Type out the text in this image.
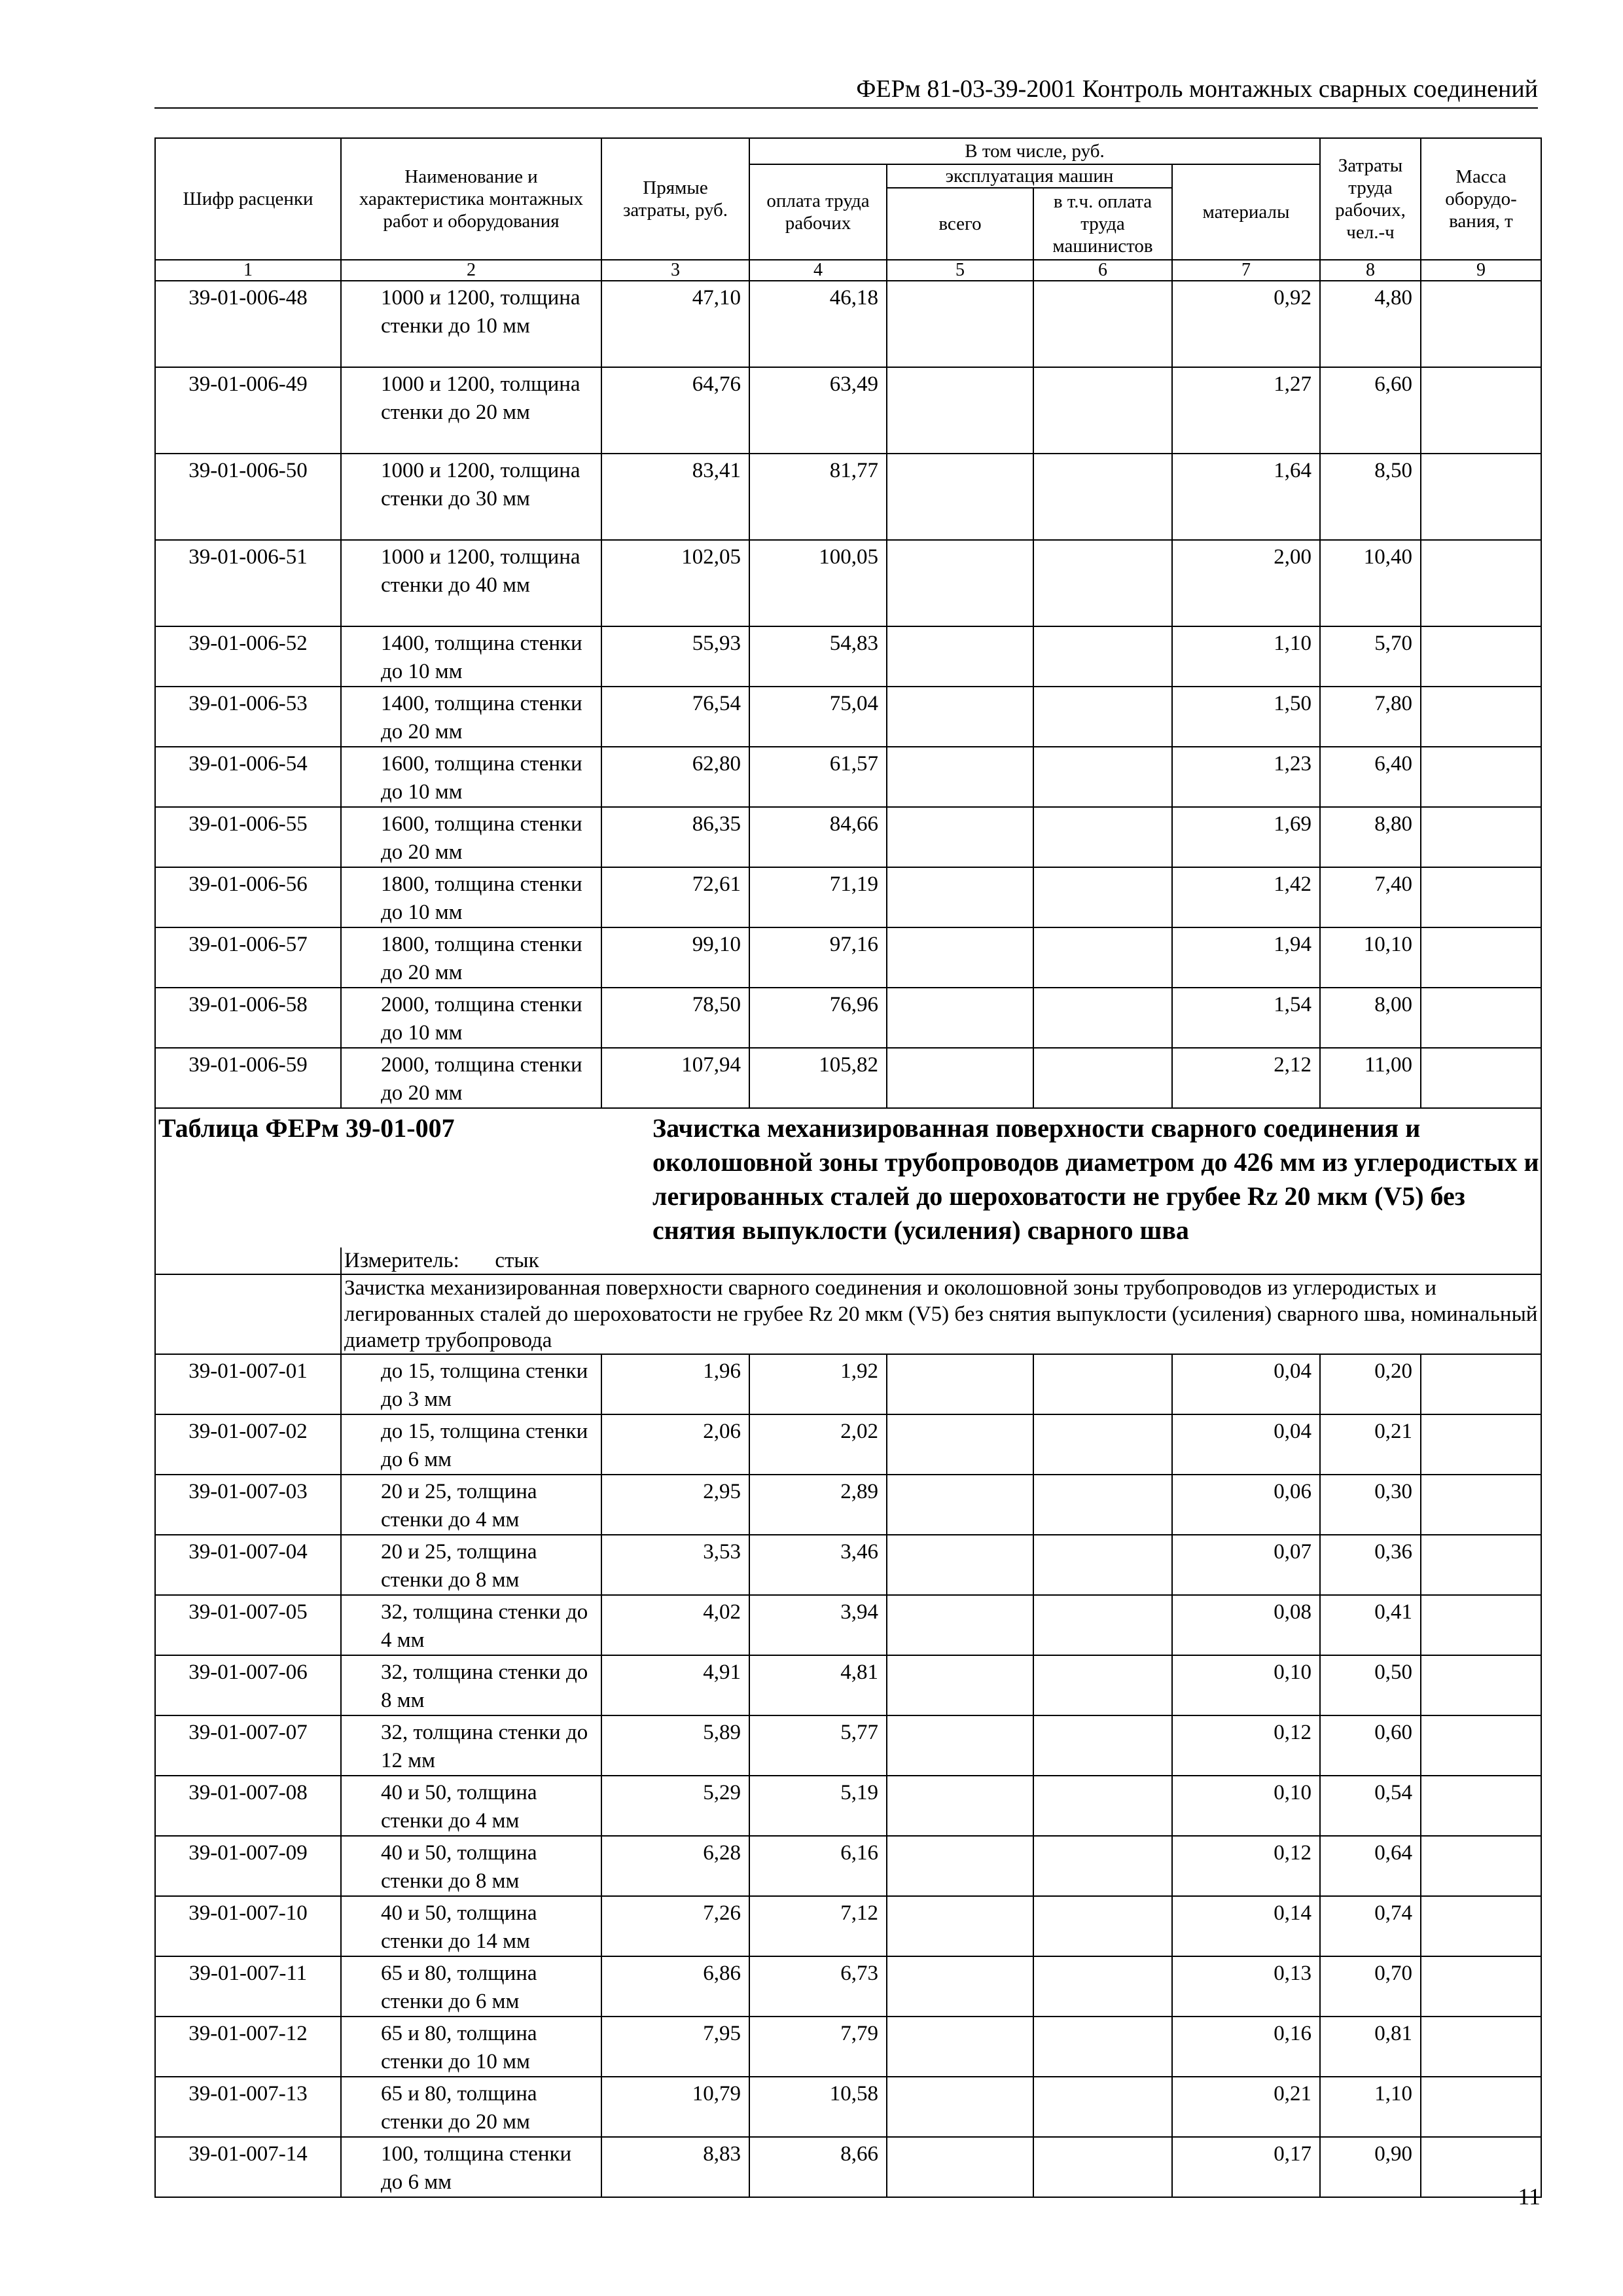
ФЕРм 81-03-39-2001 Контроль монтажных сварных соединений
Шифр расценки	Наименование и характеристика монтажных работ и оборудования	Прямые затраты, руб.	В том числе, руб.				Затраты труда рабочих, чел.-ч	Масса оборудо-вания, т
			оплата труда рабочих	эксплуатация машин		материалы		
				всего	в т.ч. оплата труда машинистов			
1	2	3	4	5	6	7	8	9
39-01-006-48	1000 и 1200, толщина стенки до 10 мм	47,10	46,18			0,92	4,80	
39-01-006-49	1000 и 1200, толщина стенки до 20 мм	64,76	63,49			1,27	6,60	
39-01-006-50	1000 и 1200, толщина стенки до 30 мм	83,41	81,77			1,64	8,50	
39-01-006-51	1000 и 1200, толщина стенки до 40 мм	102,05	100,05			2,00	10,40	
39-01-006-52	1400, толщина стенки до 10 мм	55,93	54,83			1,10	5,70	
39-01-006-53	1400, толщина стенки до 20 мм	76,54	75,04			1,50	7,80	
39-01-006-54	1600, толщина стенки до 10 мм	62,80	61,57			1,23	6,40	
39-01-006-55	1600, толщина стенки до 20 мм	86,35	84,66			1,69	8,80	
39-01-006-56	1800, толщина стенки до 10 мм	72,61	71,19			1,42	7,40	
39-01-006-57	1800, толщина стенки до 20 мм	99,10	97,16			1,94	10,10	
39-01-006-58	2000, толщина стенки до 10 мм	78,50	76,96			1,54	8,00	
39-01-006-59	2000, толщина стенки до 20 мм	107,94	105,82			2,12	11,00	

Таблица ФЕРм 39-01-007		Зачистка механизированная поверхности сварного соединения и околошовной зоны трубопроводов диаметром до 426 мм из углеродистых и легированных сталей до шероховатости не грубее Rz 20 мкм (V5) без снятия выпуклости (усиления) сварного шва						

	Измеритель: стык							

	Зачистка механизированная поверхности сварного соединения и околошовной зоны трубопроводов из углеродистых и легированных сталей до шероховатости не грубее Rz 20 мкм (V5) без снятия выпуклости (усиления) сварного шва, номинальный диаметр трубопровода							

39-01-007-01	до 15, толщина стенки до 3 мм	1,96	1,92			0,04	0,20	
39-01-007-02	до 15, толщина стенки до 6 мм	2,06	2,02			0,04	0,21	
39-01-007-03	20 и 25, толщина стенки до 4 мм	2,95	2,89			0,06	0,30	
39-01-007-04	20 и 25, толщина стенки до 8 мм	3,53	3,46			0,07	0,36	
39-01-007-05	32, толщина стенки до 4 мм	4,02	3,94			0,08	0,41	
39-01-007-06	32, толщина стенки до 8 мм	4,91	4,81			0,10	0,50	
39-01-007-07	32, толщина стенки до 12 мм	5,89	5,77			0,12	0,60	
39-01-007-08	40 и 50, толщина стенки до 4 мм	5,29	5,19			0,10	0,54	
39-01-007-09	40 и 50, толщина стенки до 8 мм	6,28	6,16			0,12	0,64	
39-01-007-10	40 и 50, толщина стенки до 14 мм	7,26	7,12			0,14	0,74	
39-01-007-11	65 и 80, толщина стенки до 6 мм	6,86	6,73			0,13	0,70	
39-01-007-12	65 и 80, толщина стенки до 10 мм	7,95	7,79			0,16	0,81	
39-01-007-13	65 и 80, толщина стенки до 20 мм	10,79	10,58			0,21	1,10	
39-01-007-14	100, толщина стенки до 6 мм	8,83	8,66			0,17	0,90	
11
